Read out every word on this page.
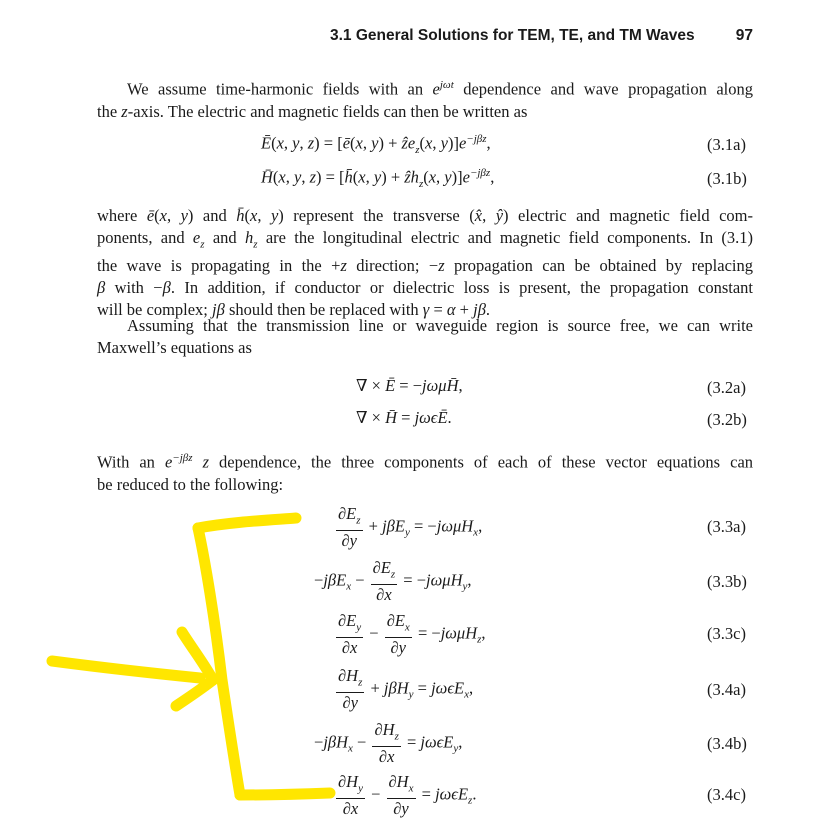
3.1 General Solutions for TEM, TE, and TM Waves	97
We assume time-harmonic fields with an $e^{j\omega t}$ dependence and wave propagation along
the z-axis. The electric and magnetic fields can then be written as
Ē(x, y, z) = [ē(x, y) + ẑe$_z$(x, $y)]e^{-j\beta z}$,	(3.1a)
H̄(x, y, z) = [h̄(x, y) + ẑh$_z$(x, $y)]e^{-j\beta z}$,	(3.1b)
where ē(x, y) and h̄(x, y) represent the transverse (x̂, ŷ) electric and magnetic field com-
ponents, and $e_z$ and $h_z$ are the longitudinal electric and magnetic field components. In (3.1)
the wave is propagating in the +z direction; −z propagation can be obtained by replacing
β with −β. In addition, if conductor or dielectric loss is present, the propagation constant
will be complex; jβ should then be replaced with γ = α + jβ.
Assuming that the transmission line or waveguide region is source free, we can write
Maxwell’s equations as
∇ × Ē = −jωμH̄,	(3.2a)
∇ × H̄ = jωϵĒ.	(3.2b)
With an $e^{-j\beta z}$ z dependence, the three components of each of these vector equations can
be reduced to the following:
$\frac{\partial E_z}{\partial y} + j\beta E_y = -j\omega\mu H_x$,	(3.3a)
$-j\beta E_x - \frac{\partial E_z}{\partial x} = -j\omega\mu H_y$,	(3.3b)
$\frac{\partial E_y}{\partial x} - \frac{\partial E_x}{\partial y} = -j\omega\mu H_z$,	(3.3c)
$\frac{\partial H_z}{\partial y} + j\beta H_y = j\omega\epsilon E_x$,	(3.4a)
$-j\beta H_x - \frac{\partial H_z}{\partial x} = j\omega\epsilon E_y$,	(3.4b)
$\frac{\partial H_y}{\partial x} - \frac{\partial H_x}{\partial y} = j\omega\epsilon E_z$.	(3.4c)
